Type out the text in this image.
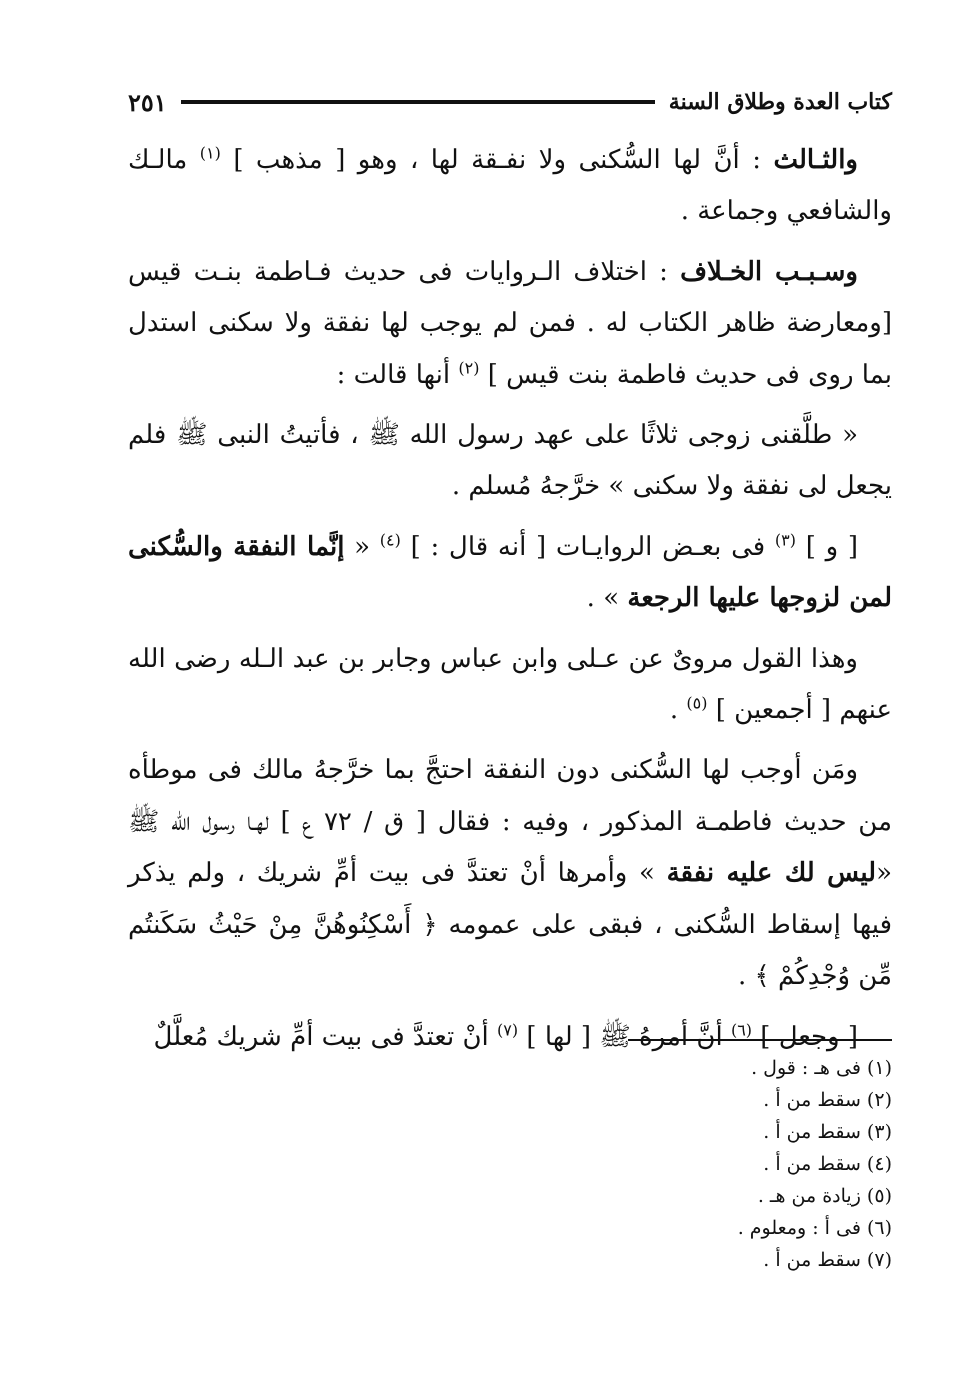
كتاب العدة وطلاق السنة
٢٥١

والثـالث : أنَّ لها السُّكنى ولا نفـقة لها ، وهو [ مذهب ] $^{(١)}$ مالـك والشافعي وجماعة .

وسـبـب الخـلاف : اختلاف الـروايات فى حديث فـاطمة بنـت قيس [ومعارضة ظاهر الكتاب له . فمن لم يوجب لها نفقة ولا سكنى استدل بما روى فى حديث فاطمة بنت قيس ] $^{(٢)}$ أنها قالت :

« طلَّقنى زوجى ثلاثًا على عهد رسول الله ﷺ ، فأتيتُ النبى ﷺ فلم يجعل لى نفقة ولا سكنى » خرَّجهُ مُسلم .

[ و ] $^{(٣)}$ فى بعـض الروايـات [ أنه قال : ] $^{(٤)}$ « إنَّما النفقة والسُّكنى لمن لزوجها عليها الرجعة » .

وهذا القول مروىٌ عن عـلى وابن عباس وجابر بن عبد الـله رضى الله عنهم [ أجمعين ] $^{(٥)}$ .

ومَن أوجب لها السُّكنى دون النفقة احتجَّ بما خرَّجهُ مالك فى موطأه من حديث فاطمـة المذكور ، وفيه : فقال [ ق / ٧٢ ع ] لهـا رسول الله ﷺ «ليس لك عليه نفقة » وأمرها أنْ تعتدَّ فى بيت أمِّ شريك ، ولم يذكر فيها إسقاط السُّكنى ، فبقى على عمومه ﴿ أَسْكِنُوهُنَّ مِنْ حَيْثُ سَكَنتُم مِّن وُجْدِكُمْ ﴾ .

[ وجعل ] $^{(٦)}$ أنَّ أمرهُ ﷺ [ لها ] $^{(٧)}$ أنْ تعتدَّ فى بيت أمِّ شريك مُعلَّلٌ

(١) فى هـ : قول .
(٢) سقط من أ .
(٣) سقط من أ .
(٤) سقط من أ .
(٥) زيادة من هـ .
(٦) فى أ : ومعلوم .
(٧) سقط من أ .
